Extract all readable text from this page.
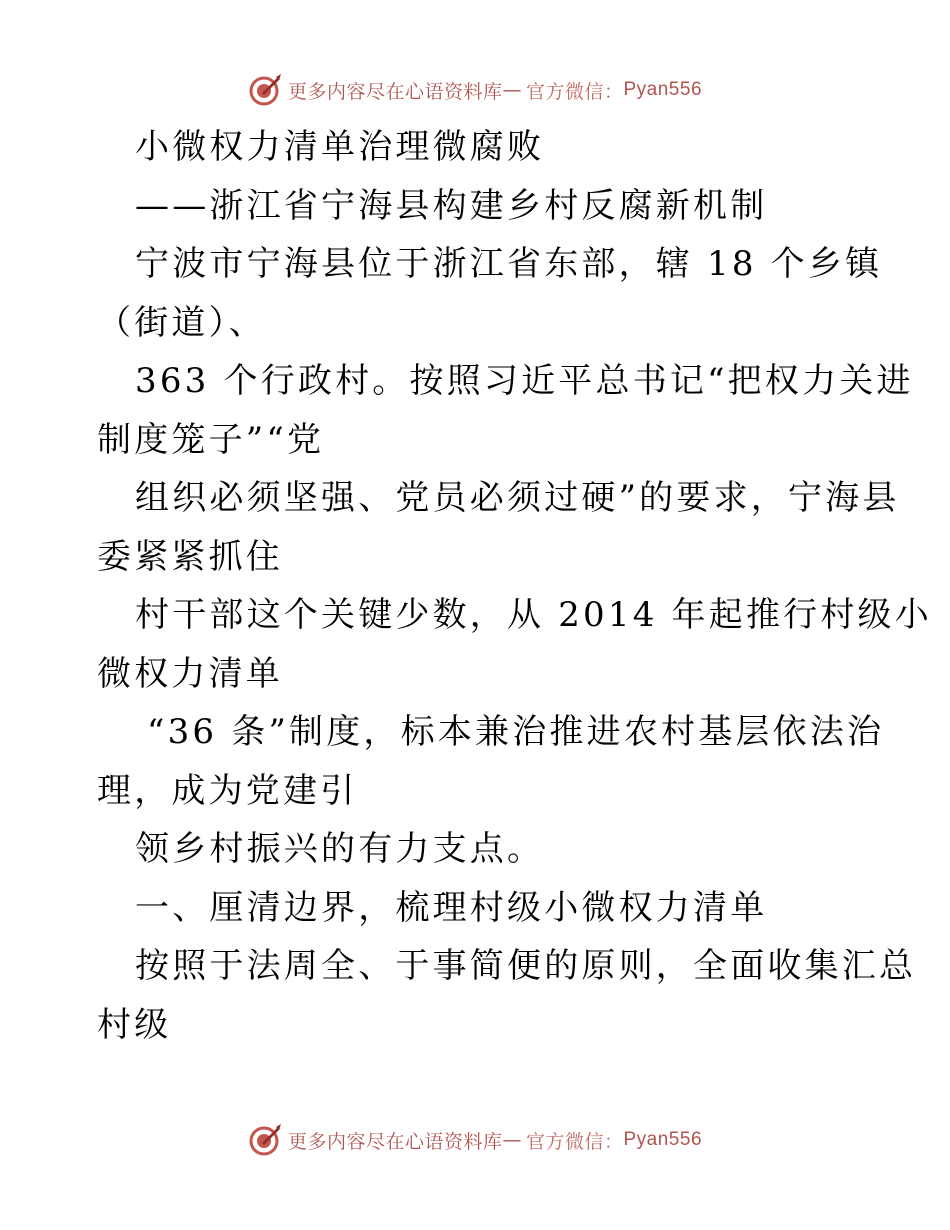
更多内容尽在心语资料库 — 官方微信： Pyan556
小微权力清单治理微腐败
——浙江省宁海县构建乡村反腐新机制
宁波市宁海县位于浙江省东部，辖 18 个乡镇
（街道）、
363 个行政村。按照习近平总书记“把权力关进
制度笼子”“党
组织必须坚强、党员必须过硬”的要求，宁海县
委紧紧抓住
村干部这个关键少数，从 2014 年起推行村级小
微权力清单
“36 条”制度，标本兼治推进农村基层依法治
理，成为党建引
领乡村振兴的有力支点。
一、厘清边界，梳理村级小微权力清单
按照于法周全、于事简便的原则，全面收集汇总
村级
更多内容尽在心语资料库 — 官方微信： Pyan556
